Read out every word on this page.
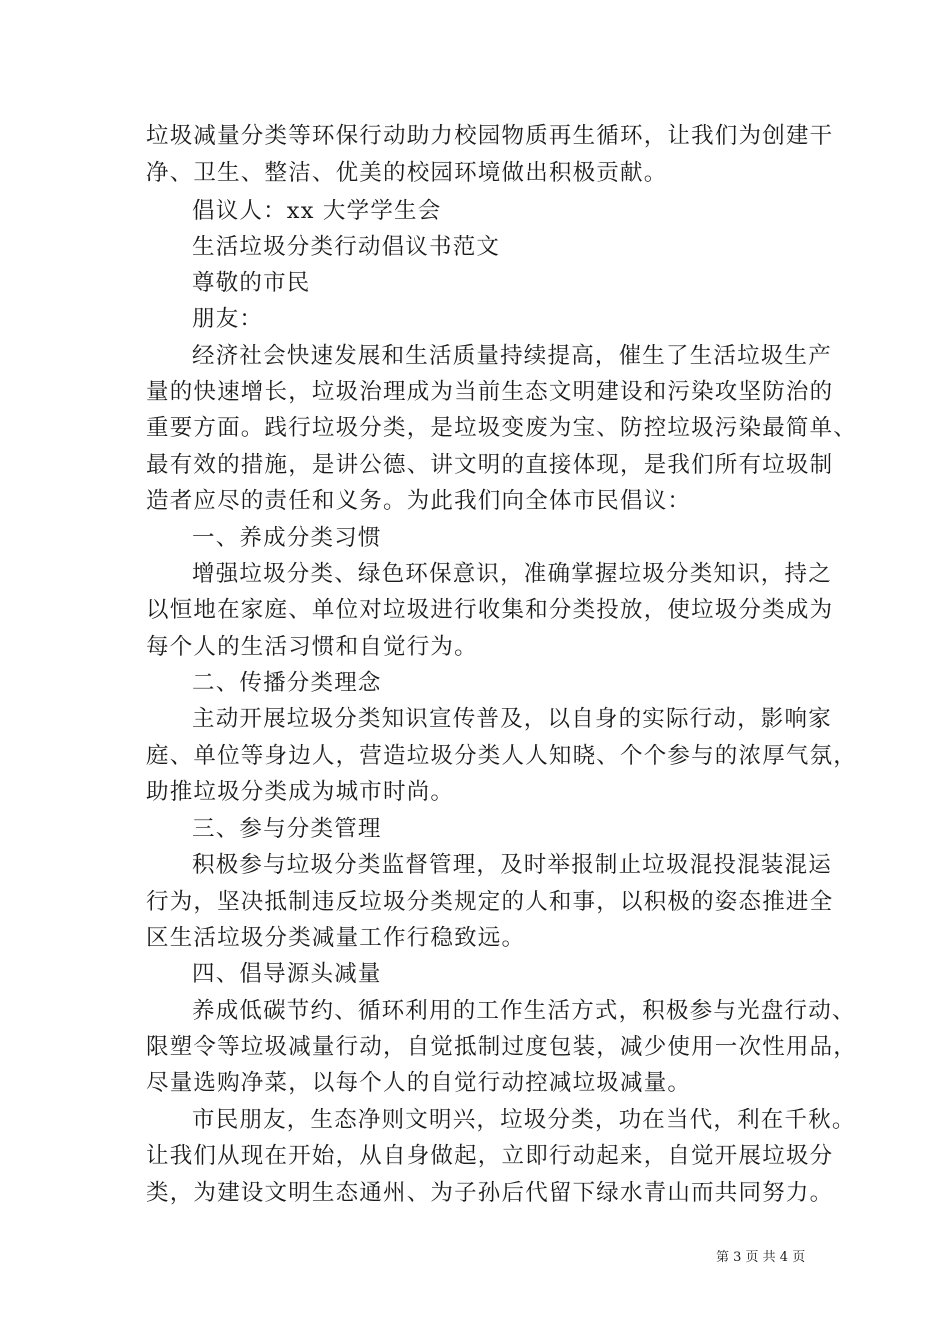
垃圾减量分类等环保行动助力校园物质再生循环，让我们为创建干
净、卫生、整洁、优美的校园环境做出积极贡献。
倡议人：xx 大学学生会
生活垃圾分类行动倡议书范文
尊敬的市民
朋友：
经济社会快速发展和生活质量持续提高，催生了生活垃圾生产
量的快速增长，垃圾治理成为当前生态文明建设和污染攻坚防治的
重要方面。践行垃圾分类，是垃圾变废为宝、防控垃圾污染最简单、
最有效的措施，是讲公德、讲文明的直接体现，是我们所有垃圾制
造者应尽的责任和义务。为此我们向全体市民倡议：
一、养成分类习惯
增强垃圾分类、绿色环保意识，准确掌握垃圾分类知识，持之
以恒地在家庭、单位对垃圾进行收集和分类投放，使垃圾分类成为
每个人的生活习惯和自觉行为。
二、传播分类理念
主动开展垃圾分类知识宣传普及，以自身的实际行动，影响家
庭、单位等身边人，营造垃圾分类人人知晓、个个参与的浓厚气氛，
助推垃圾分类成为城市时尚。
三、参与分类管理
积极参与垃圾分类监督管理，及时举报制止垃圾混投混装混运
行为，坚决抵制违反垃圾分类规定的人和事，以积极的姿态推进全
区生活垃圾分类减量工作行稳致远。
四、倡导源头减量
养成低碳节约、循环利用的工作生活方式，积极参与光盘行动、
限塑令等垃圾减量行动，自觉抵制过度包装，减少使用一次性用品，
尽量选购净菜，以每个人的自觉行动控减垃圾减量。
市民朋友，生态净则文明兴，垃圾分类，功在当代，利在千秋。
让我们从现在开始，从自身做起，立即行动起来，自觉开展垃圾分
类，为建设文明生态通州、为子孙后代留下绿水青山而共同努力。
第 3 页 共 4 页
